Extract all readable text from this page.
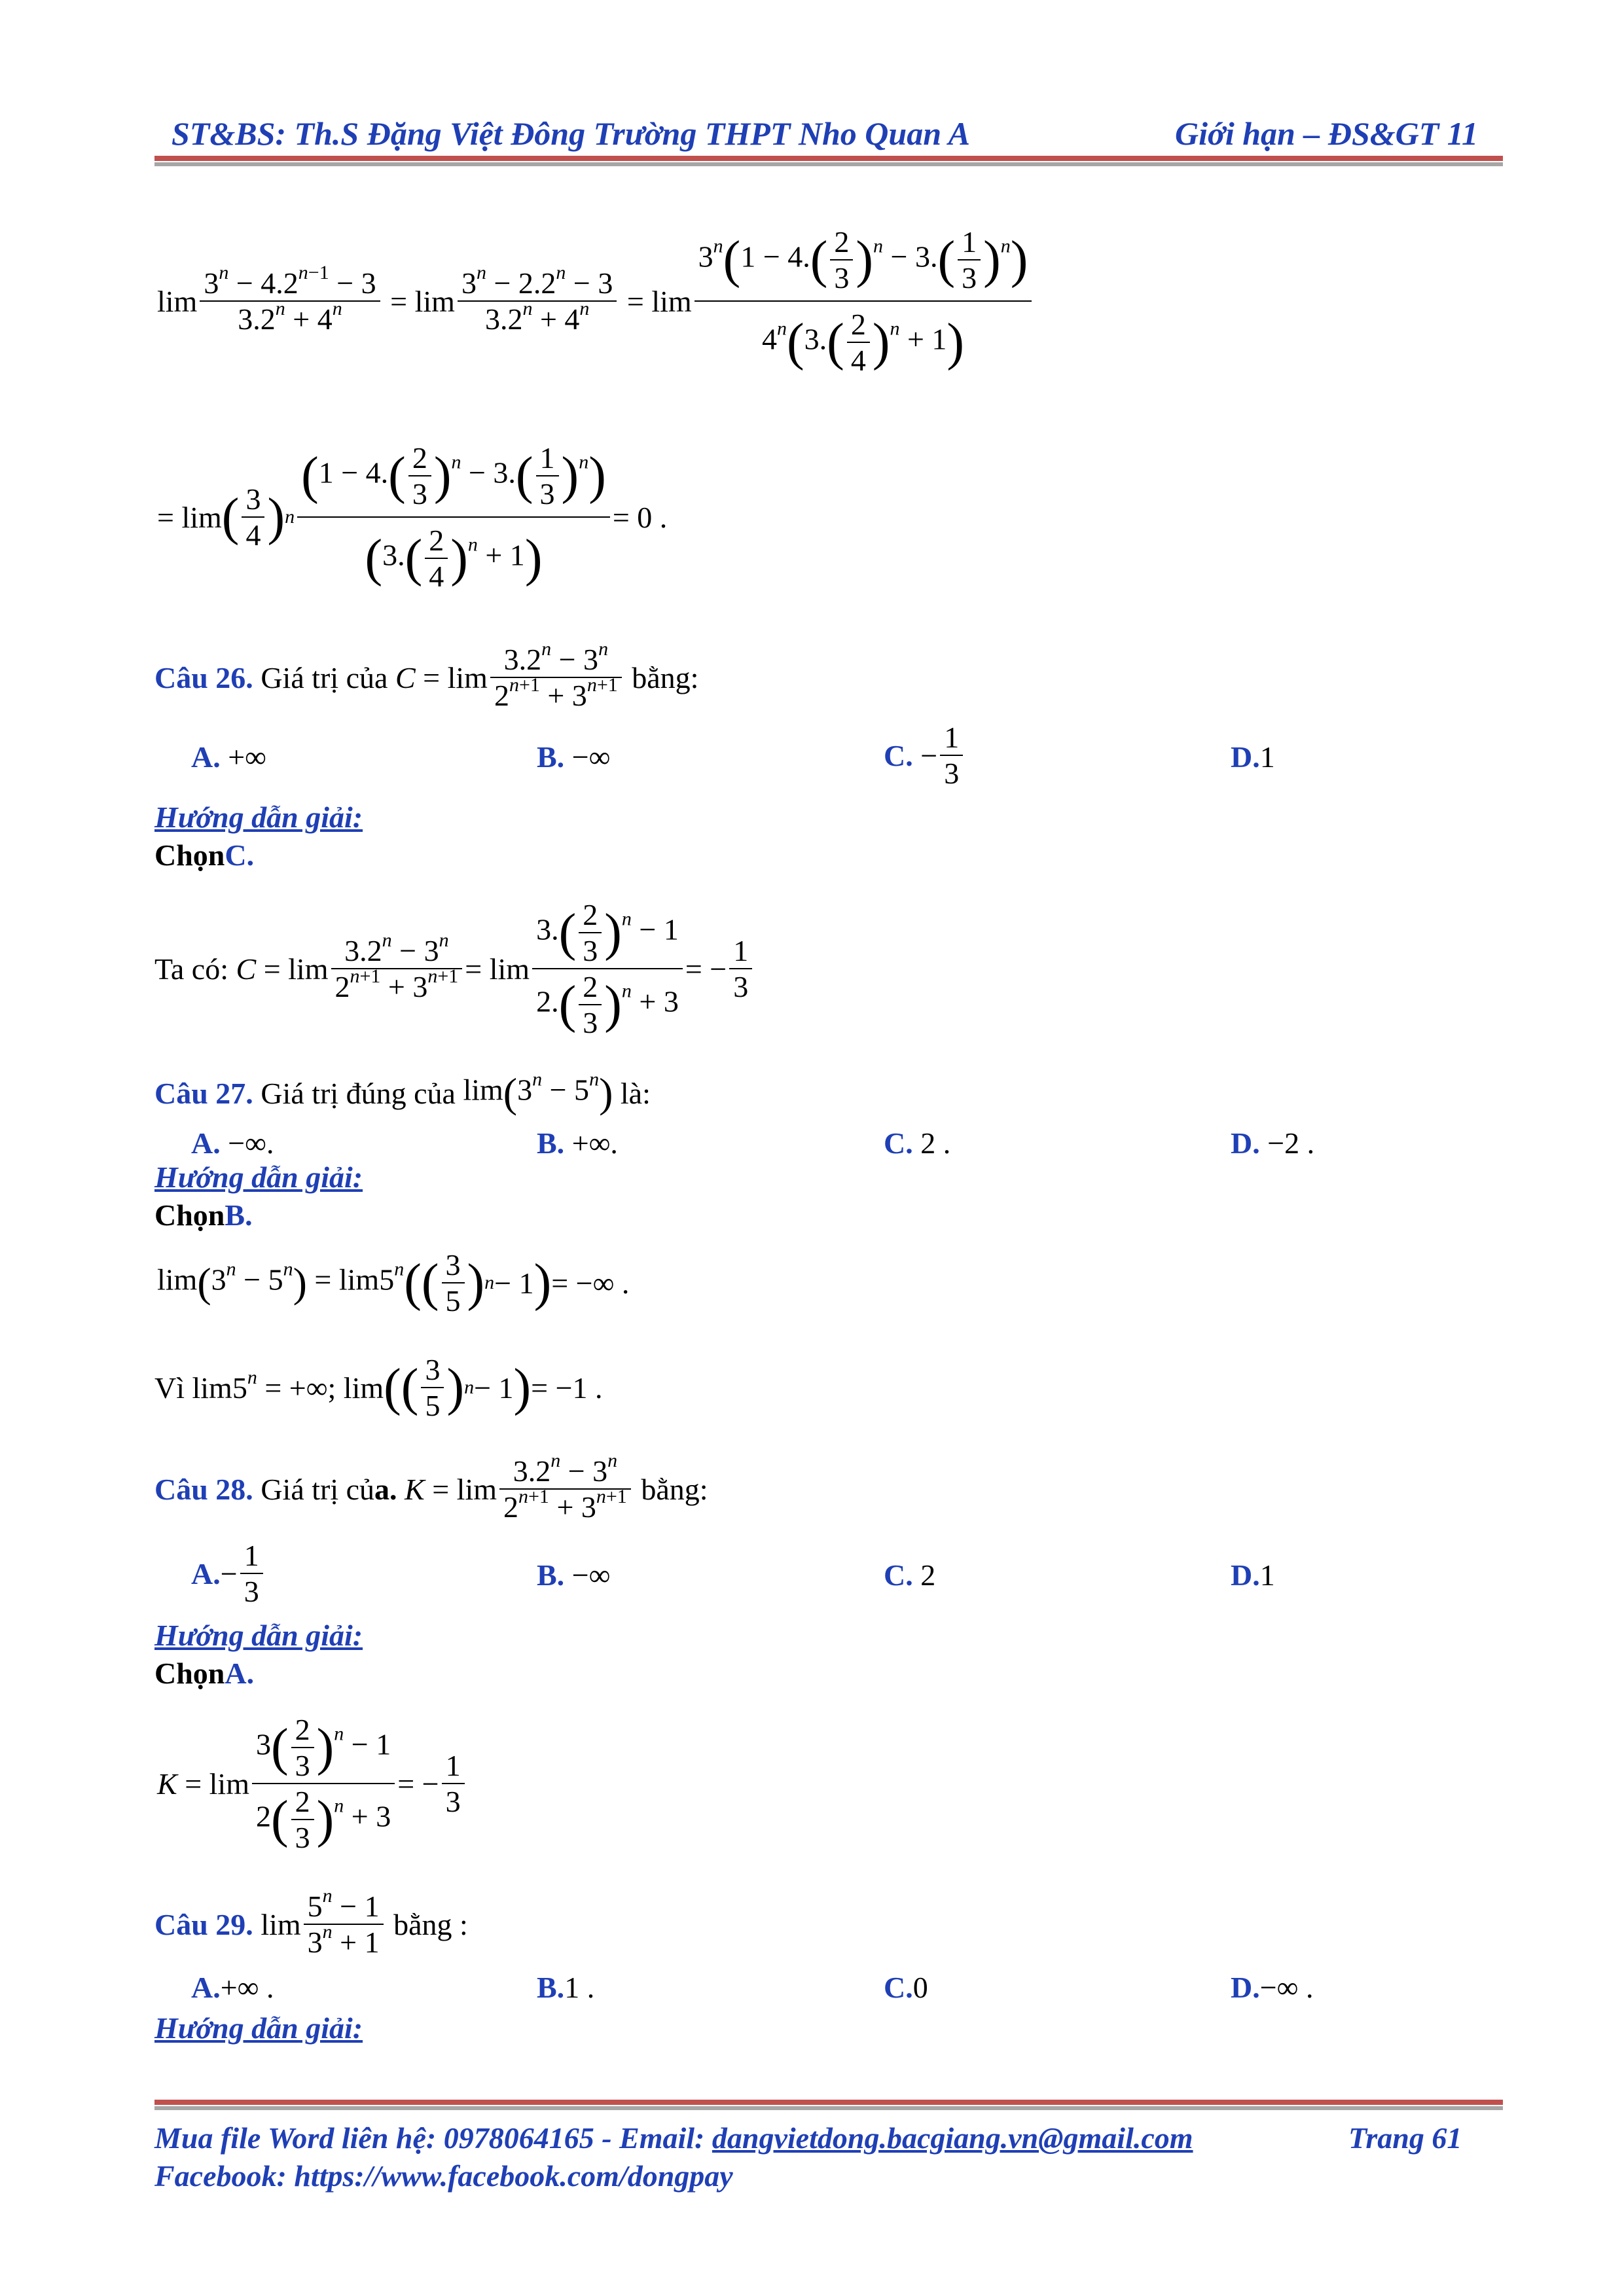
ST&BS: Th.S Đặng Việt Đông Trường THPT Nho Quan A	Giới hạn – ĐS&GT 11
$\lim \frac{3^n - 4.2^{n-1} - 3}{3.2^n + 4^n} = \lim \frac{3^n - 2.2^n - 3}{3.2^n + 4^n} = \lim \frac{3^n(1 - 4.( \frac{2}{3} )^n - 3.( \frac{1}{3} )^n)}{4^n(3.( \frac{2}{4} )^n + 1)}$
= lim ( $\frac{3}{4}$ ) n $\frac{(1 - 4.( \frac{2}{3} )^n - 3.( \frac{1}{3} )^n)}{(3.( \frac{2}{4} )^n + 1)} = 0$ .
Câu 26.
Giá trị của
$C = \lim \frac{3.2^n - 3^n}{2^{n+1} + 3^{n+1}}$
bằng:
A. +∞	B. −∞	C.
− $\frac{1}{3}$	D.1
Hướng dẫn giải:
ChọnC.
Ta có:
$C = \lim \frac{3.2^n - 3^n}{2^{n+1} + 3^{n+1}} = \lim \frac{3.( \frac{2}{3} )^n - 1}{2.( \frac{2}{3} )^n + 3}$ = − $\frac{1}{3}$
Câu 27.
Giá trị đúng của
$\lim(3^n - 5^n)$
là:
A. −∞.	B. +∞.	C. 2 .	D. −2 .
Hướng dẫn giải:
ChọnB.
$\lim(3^n - 5^n) = \lim 5^n$ ( ( $\frac{3}{5}$ ) n − 1 ) = −∞ .
Vì
$\lim 5^n$ = +∞; lim ( ( $\frac{3}{5}$ ) n − 1 ) = −1 .
Câu 28.
Giá trị củ a.
$K = \lim \frac{3.2^n - 3^n}{2^{n+1} + 3^{n+1}}$
bằng:
A. − $\frac{1}{3}$	B. −∞	C. 2	D.1
Hướng dẫn giải:
ChọnA.
$K = \lim \frac{3( \frac{2}{3} )^n - 1}{2( \frac{2}{3} )^n + 3}$ = − $\frac{1}{3}$
Câu 29.
$\lim \frac{5^n - 1}{3^n + 1}$
bằng :
A.+∞ .	B.1 .	C.0	D.−∞ .
Hướng dẫn giải:
Mua file Word liên hệ: 0978064165 - Email: dangvietdong.bacgiang.vn@gmail.com	Trang 61
Facebook: https://www.facebook.com/dongpay
